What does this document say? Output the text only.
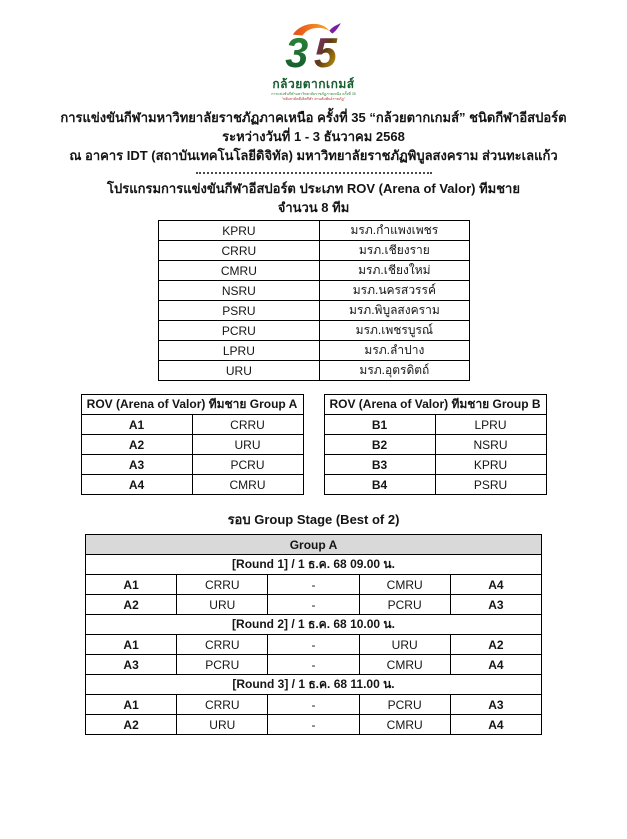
3 5
กล้วยตากเกมส์
การแข่งขันกีฬามหาวิทยาลัยราชภัฏภาคเหนือ ครั้งที่ 35
"พลังสามัคคีเลิศกีฬา สานสัมพันธ์ราชภัฏ"
การแข่งขันกีฬามหาวิทยาลัยราชภัฏภาคเหนือ ครั้งที่ 35 “กล้วยตากเกมส์” ชนิดกีฬาอีสปอร์ต
ระหว่างวันที่ 1 - 3 ธันวาคม 2568
ณ อาคาร IDT (สถาบันเทคโนโลยีดิจิทัล) มหาวิทยาลัยราชภัฏพิบูลสงคราม ส่วนทะเลแก้ว
โปรแกรมการแข่งขันกีฬาอีสปอร์ต ประเภท ROV (Arena of Valor) ทีมชาย
จำนวน 8 ทีม
KPRU	มรภ.กำแพงเพชร
CRRU	มรภ.เชียงราย
CMRU	มรภ.เชียงใหม่
NSRU	มรภ.นครสวรรค์
PSRU	มรภ.พิบูลสงคราม
PCRU	มรภ.เพชรบูรณ์
LPRU	มรภ.ลำปาง
URU	มรภ.อุตรดิตถ์
ROV (Arena of Valor) ทีมชาย Group A	
A1	CRRU
A2	URU
A3	PCRU
A4	CMRU
ROV (Arena of Valor) ทีมชาย Group B	
B1	LPRU
B2	NSRU
B3	KPRU
B4	PSRU
รอบ Group Stage (Best of 2)
Group A				
[Round 1] / 1 ธ.ค. 68 09.00 น.				
A1	CRRU	-	CMRU	A4
A2	URU	-	PCRU	A3
[Round 2] / 1 ธ.ค. 68 10.00 น.				
A1	CRRU	-	URU	A2
A3	PCRU	-	CMRU	A4
[Round 3] / 1 ธ.ค. 68 11.00 น.				
A1	CRRU	-	PCRU	A3
A2	URU	-	CMRU	A4
